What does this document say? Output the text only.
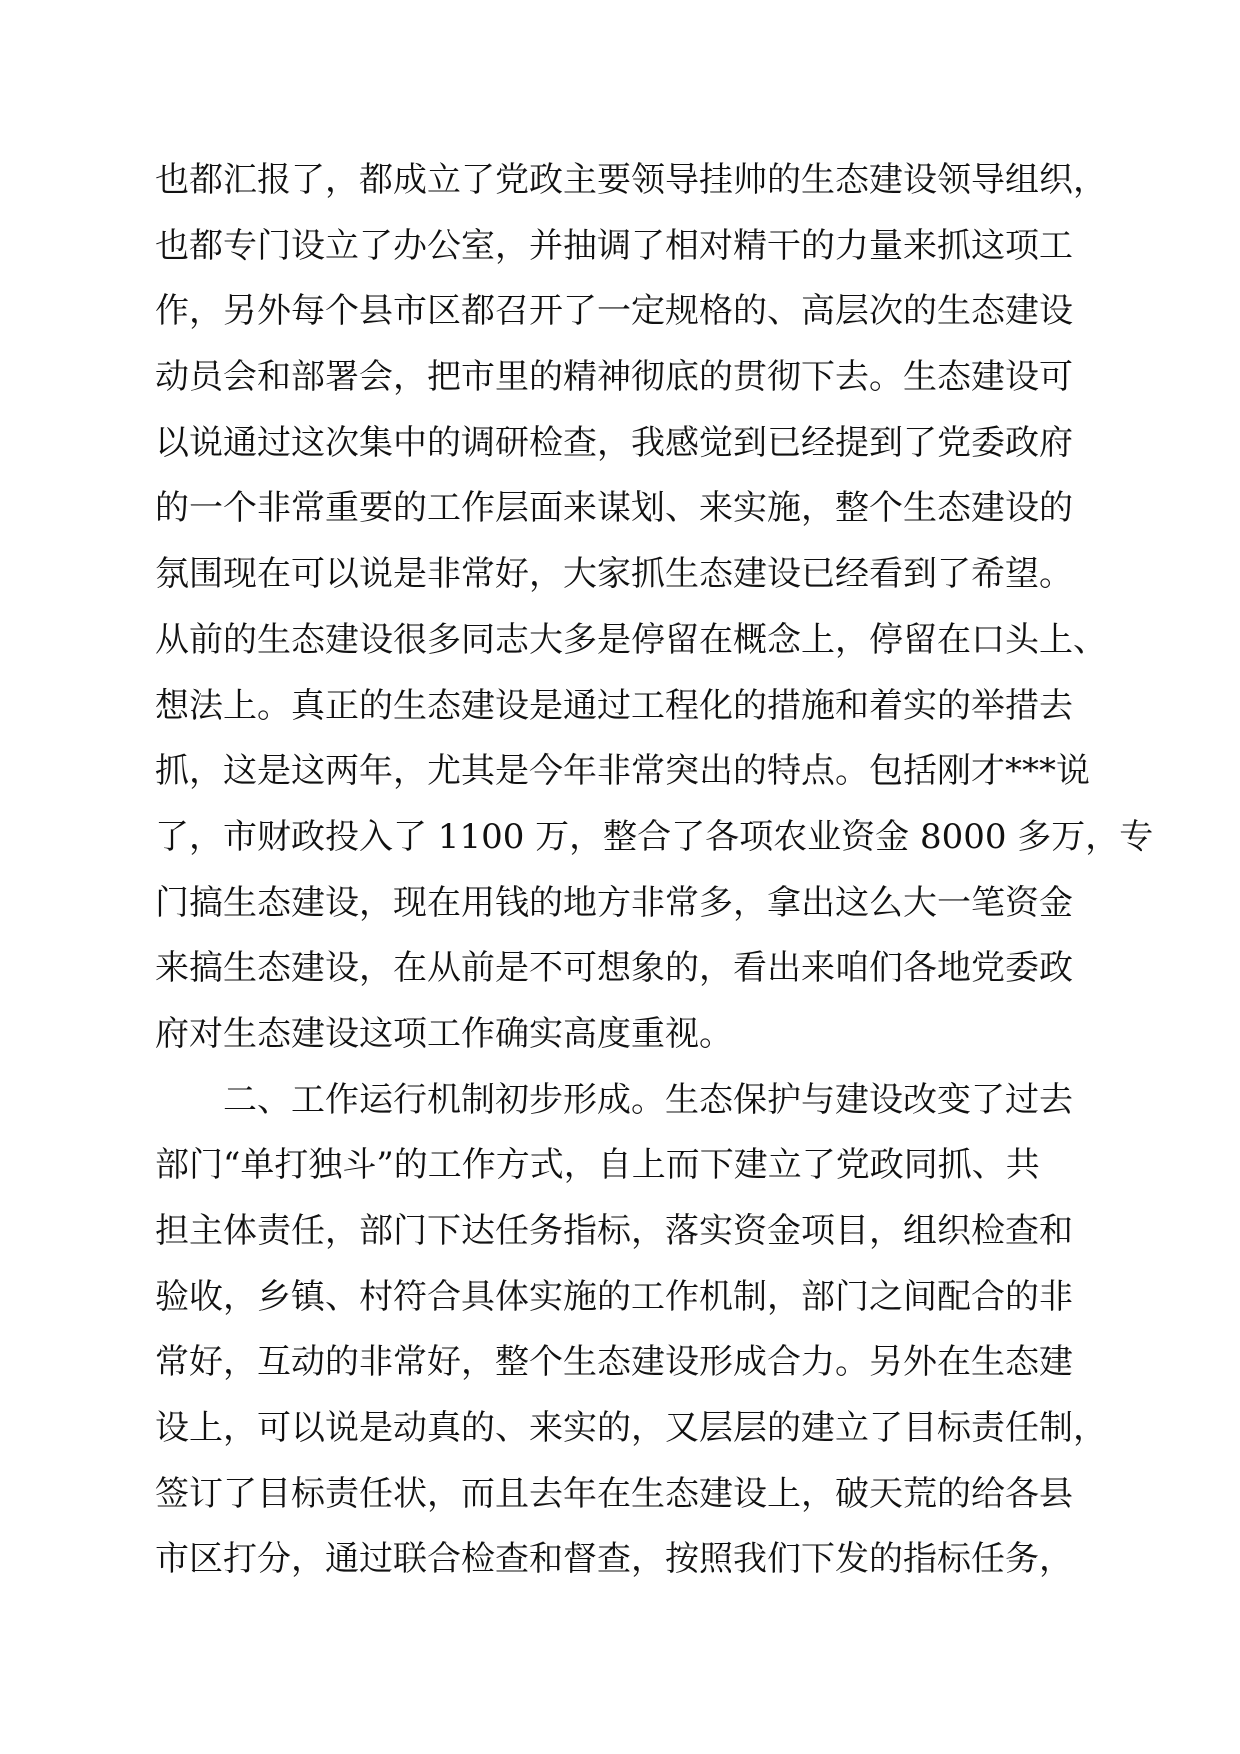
也都汇报了，都成立了党政主要领导挂帅的生态建设领导组织，
也都专门设立了办公室，并抽调了相对精干的力量来抓这项工
作，另外每个县市区都召开了一定规格的、高层次的生态建设
动员会和部署会，把市里的精神彻底的贯彻下去。生态建设可
以说通过这次集中的调研检查，我感觉到已经提到了党委政府
的一个非常重要的工作层面来谋划、来实施，整个生态建设的
氛围现在可以说是非常好，大家抓生态建设已经看到了希望。
从前的生态建设很多同志大多是停留在概念上，停留在口头上、
想法上。真正的生态建设是通过工程化的措施和着实的举措去
抓，这是这两年，尤其是今年非常突出的特点。包括刚才***说
了，市财政投入了 1100 万，整合了各项农业资金 8000 多万，专
门搞生态建设，现在用钱的地方非常多，拿出这么大一笔资金
来搞生态建设，在从前是不可想象的，看出来咱们各地党委政
府对生态建设这项工作确实高度重视。
二、工作运行机制初步形成。生态保护与建设改变了过去
部门“单打独斗”的工作方式，自上而下建立了党政同抓、共
担主体责任，部门下达任务指标，落实资金项目，组织检查和
验收，乡镇、村符合具体实施的工作机制，部门之间配合的非
常好，互动的非常好，整个生态建设形成合力。另外在生态建
设上，可以说是动真的、来实的，又层层的建立了目标责任制，
签订了目标责任状，而且去年在生态建设上，破天荒的给各县
市区打分，通过联合检查和督查，按照我们下发的指标任务，
